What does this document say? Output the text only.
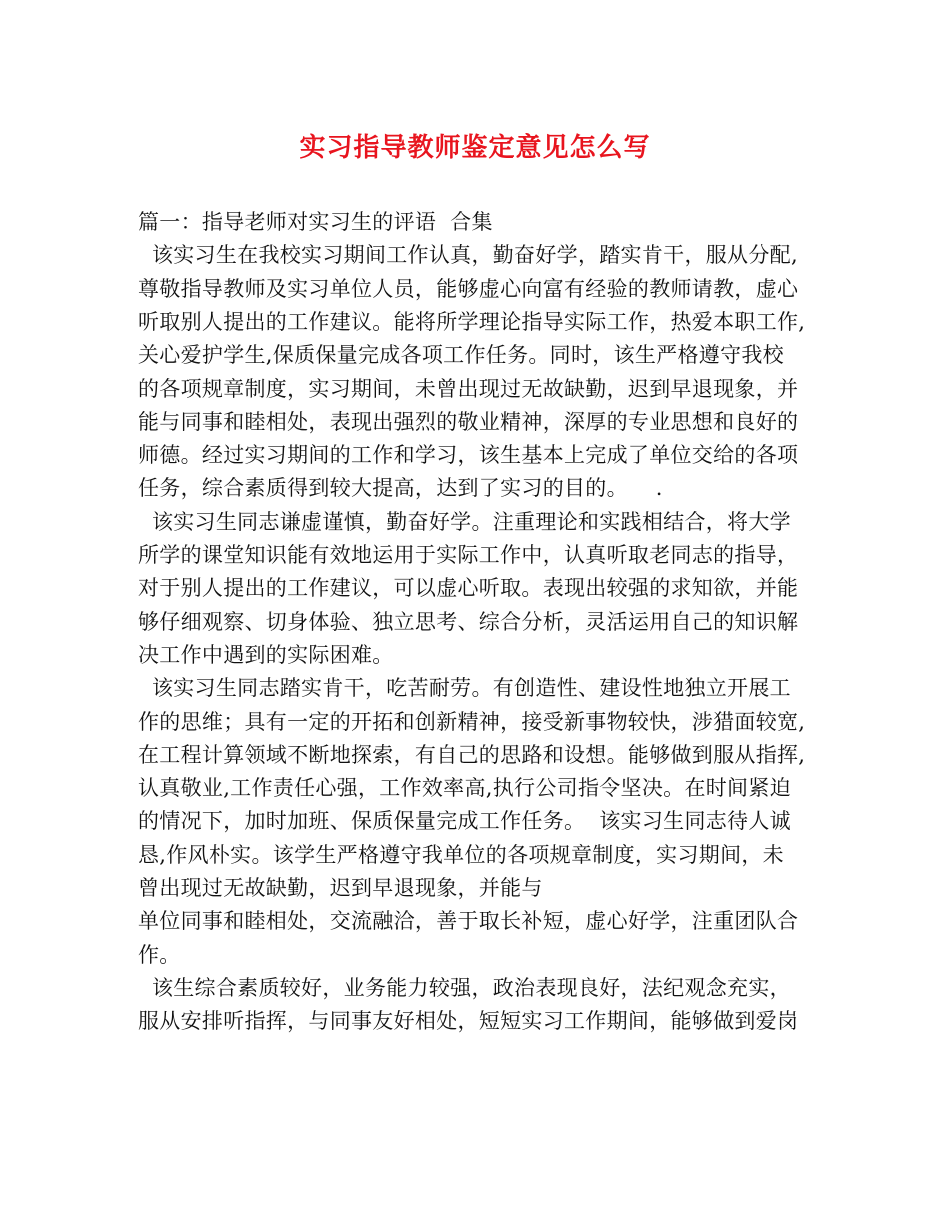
实习指导教师鉴定意见怎么写
篇一：指导老师对实习生的评语  合集
该实习生在我校实习期间工作认真，勤奋好学，踏实肯干，服从分配,
尊敬指导教师及实习单位人员，能够虚心向富有经验的教师请教，虚心
听取别人提出的工作建议。能将所学理论指导实际工作，热爱本职工作,
关心爱护学生,保质保量完成各项工作任务。同时，该生严格遵守我校
的各项规章制度，实习期间，未曾出现过无故缺勤，迟到早退现象，并
能与同事和睦相处，表现出强烈的敬业精神，深厚的专业思想和良好的
师德。经过实习期间的工作和学习，该生基本上完成了单位交给的各项
任务，综合素质得到较大提高，达到了实习的目的。    .
该实习生同志谦虚谨慎，勤奋好学。注重理论和实践相结合，将大学
所学的课堂知识能有效地运用于实际工作中，认真听取老同志的指导，
对于别人提出的工作建议，可以虚心听取。表现出较强的求知欲，并能
够仔细观察、切身体验、独立思考、综合分析，灵活运用自己的知识解
决工作中遇到的实际困难。
该实习生同志踏实肯干，吃苦耐劳。有创造性、建设性地独立开展工
作的思维；具有一定的开拓和创新精神，接受新事物较快，涉猎面较宽,
在工程计算领域不断地探索，有自己的思路和设想。能够做到服从指挥,
认真敬业,工作责任心强，工作效率高,执行公司指令坚决。在时间紧迫
的情况下，加时加班、保质保量完成工作任务。  该实习生同志待人诚
恳,作风朴实。该学生严格遵守我单位的各项规章制度，实习期间，未
曾出现过无故缺勤，迟到早退现象，并能与
单位同事和睦相处，交流融洽，善于取长补短，虚心好学，注重团队合
作。
该生综合素质较好，业务能力较强，政治表现良好，法纪观念充实，
服从安排听指挥，与同事友好相处，短短实习工作期间，能够做到爱岗
